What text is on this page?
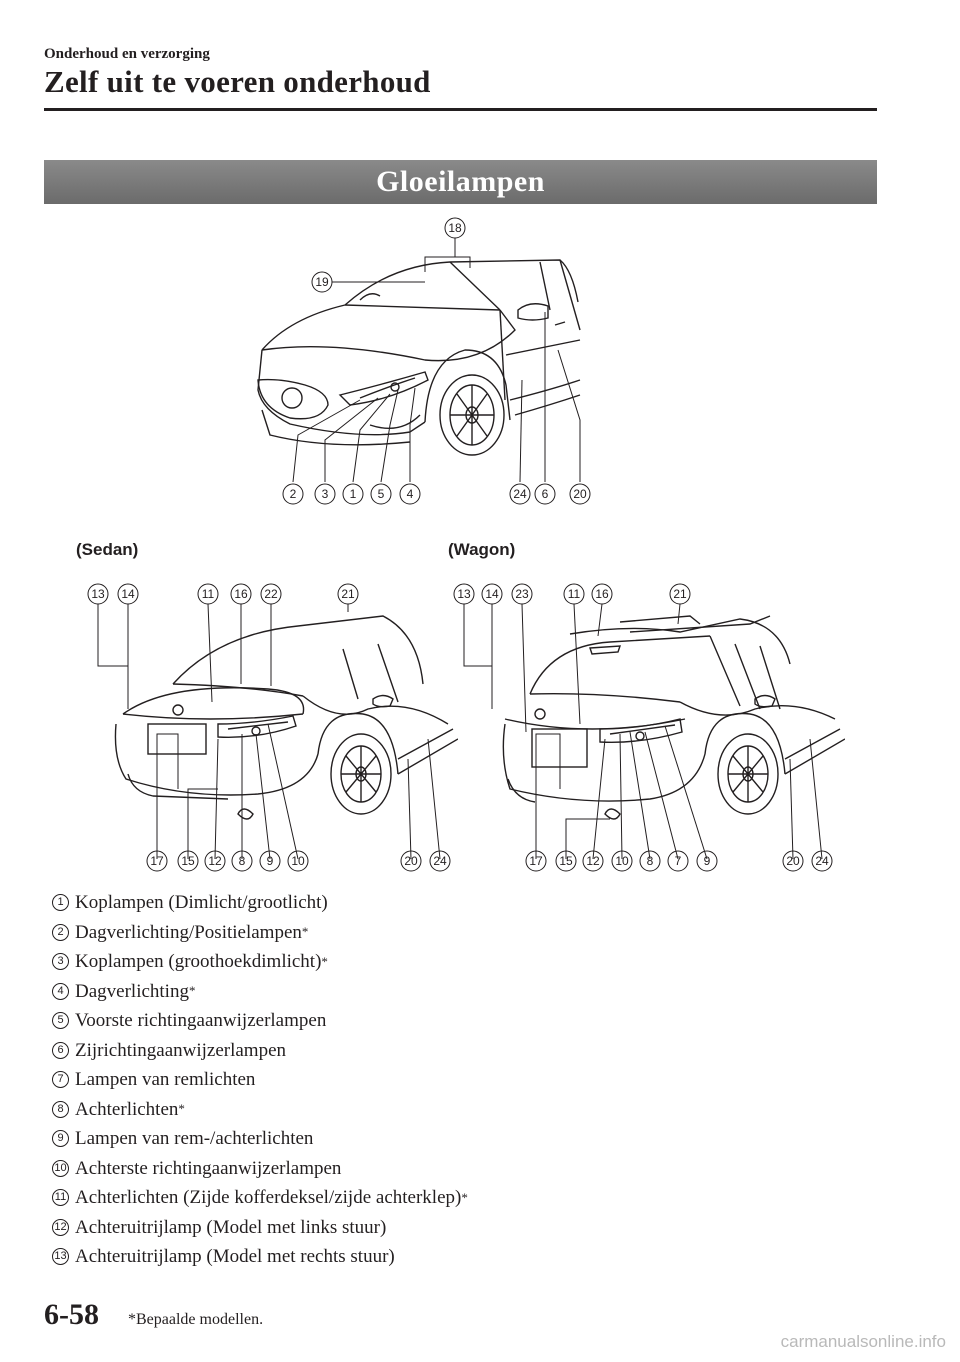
Onderhoud en verzorging
Zelf uit te voeren onderhoud
Gloeilampen
18
19
2 3 1 5 4	24 6 20
(Sedan)	(Wagon)
13 14	11 16 22	21
17 15 12 8 9 10	20 24
13 14 23	11 16	21
17 15 12 10 8 7 9	20 24
1 Koplampen (Dimlicht/grootlicht)
2 Dagverlichting/Positielampen *
3 Koplampen (groothoekdimlicht) *
4 Dagverlichting *
5 Voorste richtingaanwijzerlampen
6 Zijrichtingaanwijzerlampen
7 Lampen van remlichten
8 Achterlichten *
9 Lampen van rem-/achterlichten
10 Achterste richtingaanwijzerlampen
11 Achterlichten (Zijde kofferdeksel/zijde achterklep) *
12 Achteruitrijlamp (Model met links stuur)
13 Achteruitrijlamp (Model met rechts stuur)
6-58 *Bepaalde modellen.
carmanualsonline.info
